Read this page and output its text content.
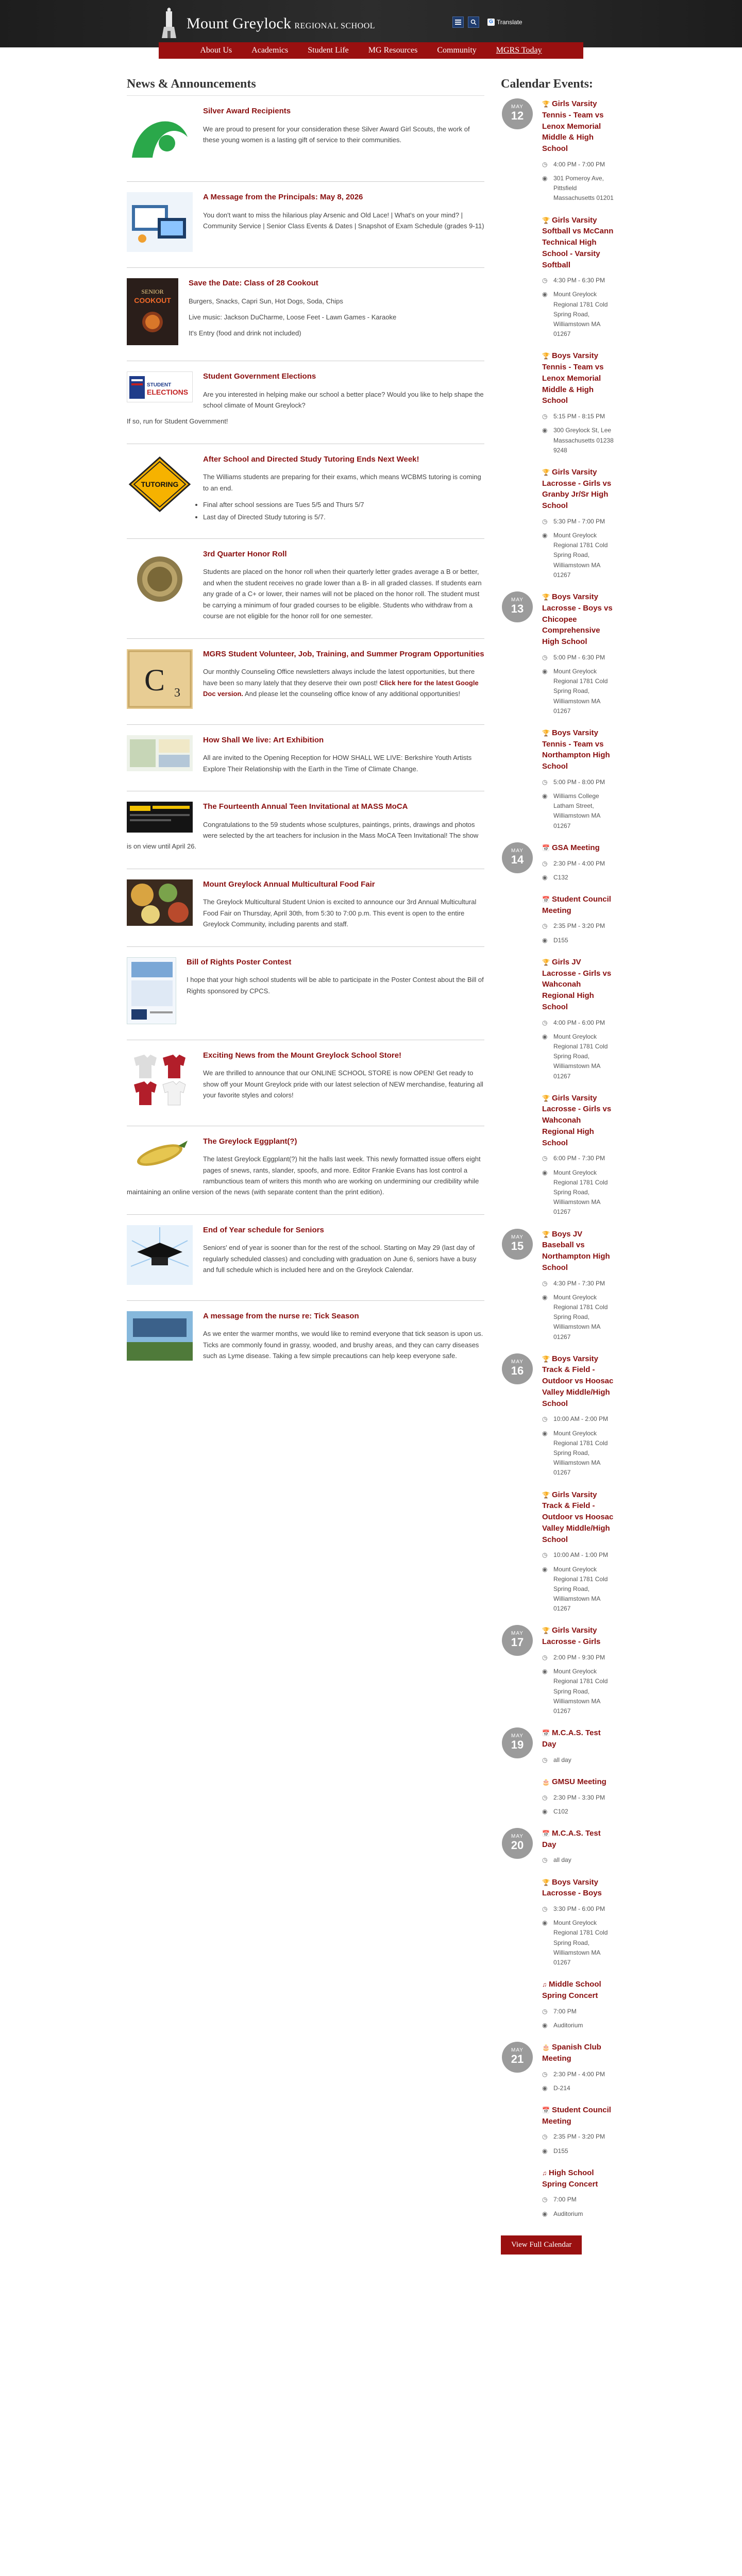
Mount Greylock REGIONAL SCHOOL	G Translate
About Us	Academics	Student Life	MG Resources	Community	MGRS Today
News & Announcements
Silver Award Recipients

We are proud to present for your consideration these Silver Award Girl Scouts, the work of these young women is a lasting gift of service to their communities.

A Message from the Principals: May 8, 2026

You don't want to miss the hilarious play Arsenic and Old Lace! | What's on your mind? | Community Service | Senior Class Events & Dates | Snapshot of Exam Schedule (grades 9-11)

SENIOR
COOKOUT
Save the Date: Class of 28 Cookout

Burgers, Snacks, Capri Sun, Hot Dogs, Soda, Chips

Live music: Jackson DuCharme, Loose Feet - Lawn Games - Karaoke

It's Entry (food and drink not included)

STUDENT
ELECTIONS
Student Government Elections

Are you interested in helping make our school a better place? Would you like to help shape the school climate of Mount Greylock?

If so, run for Student Government!

TUTORING
After School and Directed Study Tutoring Ends Next Week!

The Williams students are preparing for their exams, which means WCBMS tutoring is coming to an end.

• Final after school sessions are Tues 5/5 and Thurs 5/7
• Last day of Directed Study tutoring is 5/7.
3rd Quarter Honor Roll

Students are placed on the honor roll when their quarterly letter grades average a B or better, and when the student receives no grade lower than a B- in all graded classes. If students earn any grade of a C+ or lower, their names will not be placed on the honor roll. The student must be carrying a minimum of four graded courses to be eligible. Students who withdraw from a course are not eligible for the honor roll for one semester.

C 3
MGRS Student Volunteer, Job, Training, and Summer Program Opportunities

Our monthly Counseling Office newsletters always include the latest opportunities, but there have been so many lately that they deserve their own post! Click here for the latest Google Doc version. And please let the counseling office know of any additional opportunities!

How Shall We live: Art Exhibition

All are invited to the Opening Reception for HOW SHALL WE LIVE: Berkshire Youth Artists Explore Their Relationship with the Earth in the Time of Climate Change.

The Fourteenth Annual Teen Invitational at MASS MoCA

Congratulations to the 59 students whose sculptures, paintings, prints, drawings and photos were selected by the art teachers for inclusion in the Mass MoCA Teen Invitational! The show is on view until April 26.

Mount Greylock Annual Multicultural Food Fair

The Greylock Multicultural Student Union is excited to announce our 3rd Annual Multicultural Food Fair on Thursday, April 30th, from 5:30 to 7:00 p.m. This event is open to the entire Greylock Community, including parents and staff.

Bill of Rights Poster Contest

I hope that your high school students will be able to participate in the Poster Contest about the Bill of Rights sponsored by CPCS.

Exciting News from the Mount Greylock School Store!

We are thrilled to announce that our ONLINE SCHOOL STORE is now OPEN! Get ready to show off your Mount Greylock pride with our latest selection of NEW merchandise, featuring all your favorite styles and colors!

The Greylock Eggplant(?)

The latest Greylock Eggplant(?) hit the halls last week. This newly formatted issue offers eight pages of snews, rants, slander, spoofs, and more. Editor Frankie Evans has lost control a rambunctious team of writers this month who are working on undermining our credibility while maintaining an online version of the news (with separate content than the print edition).

End of Year schedule for Seniors

Seniors' end of year is sooner than for the rest of the school. Starting on May 29 (last day of regularly scheduled classes) and concluding with graduation on June 6, seniors have a busy and full schedule which is included here and on the Greylock Calendar.

A message from the nurse re: Tick Season

As we enter the warmer months, we would like to remind everyone that tick season is upon us. Ticks are commonly found in grassy, wooded, and brushy areas, and they can carry diseases such as Lyme disease. Taking a few simple precautions can help keep everyone safe.

Calendar Events:
MAY
12
🏆 Girls Varsity Tennis - Team vs Lenox Memorial Middle & High School
◷ 4:00 PM - 7:00 PM
◉ 301 Pomeroy Ave, Pittsfield Massachusetts 01201
🏆 Girls Varsity Softball vs McCann Technical High School - Varsity Softball
◷ 4:30 PM - 6:30 PM
◉ Mount Greylock Regional 1781 Cold Spring Road, Williamstown MA 01267
🏆 Boys Varsity Tennis - Team vs Lenox Memorial Middle & High School
◷ 5:15 PM - 8:15 PM
◉ 300 Greylock St, Lee Massachusetts 01238 9248
🏆 Girls Varsity Lacrosse - Girls vs Granby Jr/Sr High School
◷ 5:30 PM - 7:00 PM
◉ Mount Greylock Regional 1781 Cold Spring Road, Williamstown MA 01267
MAY
13
🏆 Boys Varsity Lacrosse - Boys vs Chicopee Comprehensive High School
◷ 5:00 PM - 6:30 PM
◉ Mount Greylock Regional 1781 Cold Spring Road, Williamstown MA 01267
🏆 Boys Varsity Tennis - Team vs Northampton High School
◷ 5:00 PM - 8:00 PM
◉ Williams College Latham Street, Williamstown MA 01267
MAY
14
📅 GSA Meeting
◷ 2:30 PM - 4:00 PM
◉ C132
📅 Student Council Meeting
◷ 2:35 PM - 3:20 PM
◉ D155
🏆 Girls JV Lacrosse - Girls vs Wahconah Regional High School
◷ 4:00 PM - 6:00 PM
◉ Mount Greylock Regional 1781 Cold Spring Road, Williamstown MA 01267
🏆 Girls Varsity Lacrosse - Girls vs Wahconah Regional High School
◷ 6:00 PM - 7:30 PM
◉ Mount Greylock Regional 1781 Cold Spring Road, Williamstown MA 01267
MAY
15
🏆 Boys JV Baseball vs Northampton High School
◷ 4:30 PM - 7:30 PM
◉ Mount Greylock Regional 1781 Cold Spring Road, Williamstown MA 01267
MAY
16
🏆 Boys Varsity Track & Field - Outdoor vs Hoosac Valley Middle/High School
◷ 10:00 AM - 2:00 PM
◉ Mount Greylock Regional 1781 Cold Spring Road, Williamstown MA 01267
🏆 Girls Varsity Track & Field - Outdoor vs Hoosac Valley Middle/High School
◷ 10:00 AM - 1:00 PM
◉ Mount Greylock Regional 1781 Cold Spring Road, Williamstown MA 01267
MAY
17
🏆 Girls Varsity Lacrosse - Girls
◷ 2:00 PM - 9:30 PM
◉ Mount Greylock Regional 1781 Cold Spring Road, Williamstown MA 01267
MAY
19
📅 M.C.A.S. Test Day
◷ all day
🎂 GMSU Meeting
◷ 2:30 PM - 3:30 PM
◉ C102
MAY
20
📅 M.C.A.S. Test Day
◷ all day
🏆 Boys Varsity Lacrosse - Boys
◷ 3:30 PM - 6:00 PM
◉ Mount Greylock Regional 1781 Cold Spring Road, Williamstown MA 01267
♫ Middle School Spring Concert
◷ 7:00 PM
◉ Auditorium
MAY
21
🎂 Spanish Club Meeting
◷ 2:30 PM - 4:00 PM
◉ D-214
📅 Student Council Meeting
◷ 2:35 PM - 3:20 PM
◉ D155
♫ High School Spring Concert
◷ 7:00 PM
◉ Auditorium
View Full Calendar
